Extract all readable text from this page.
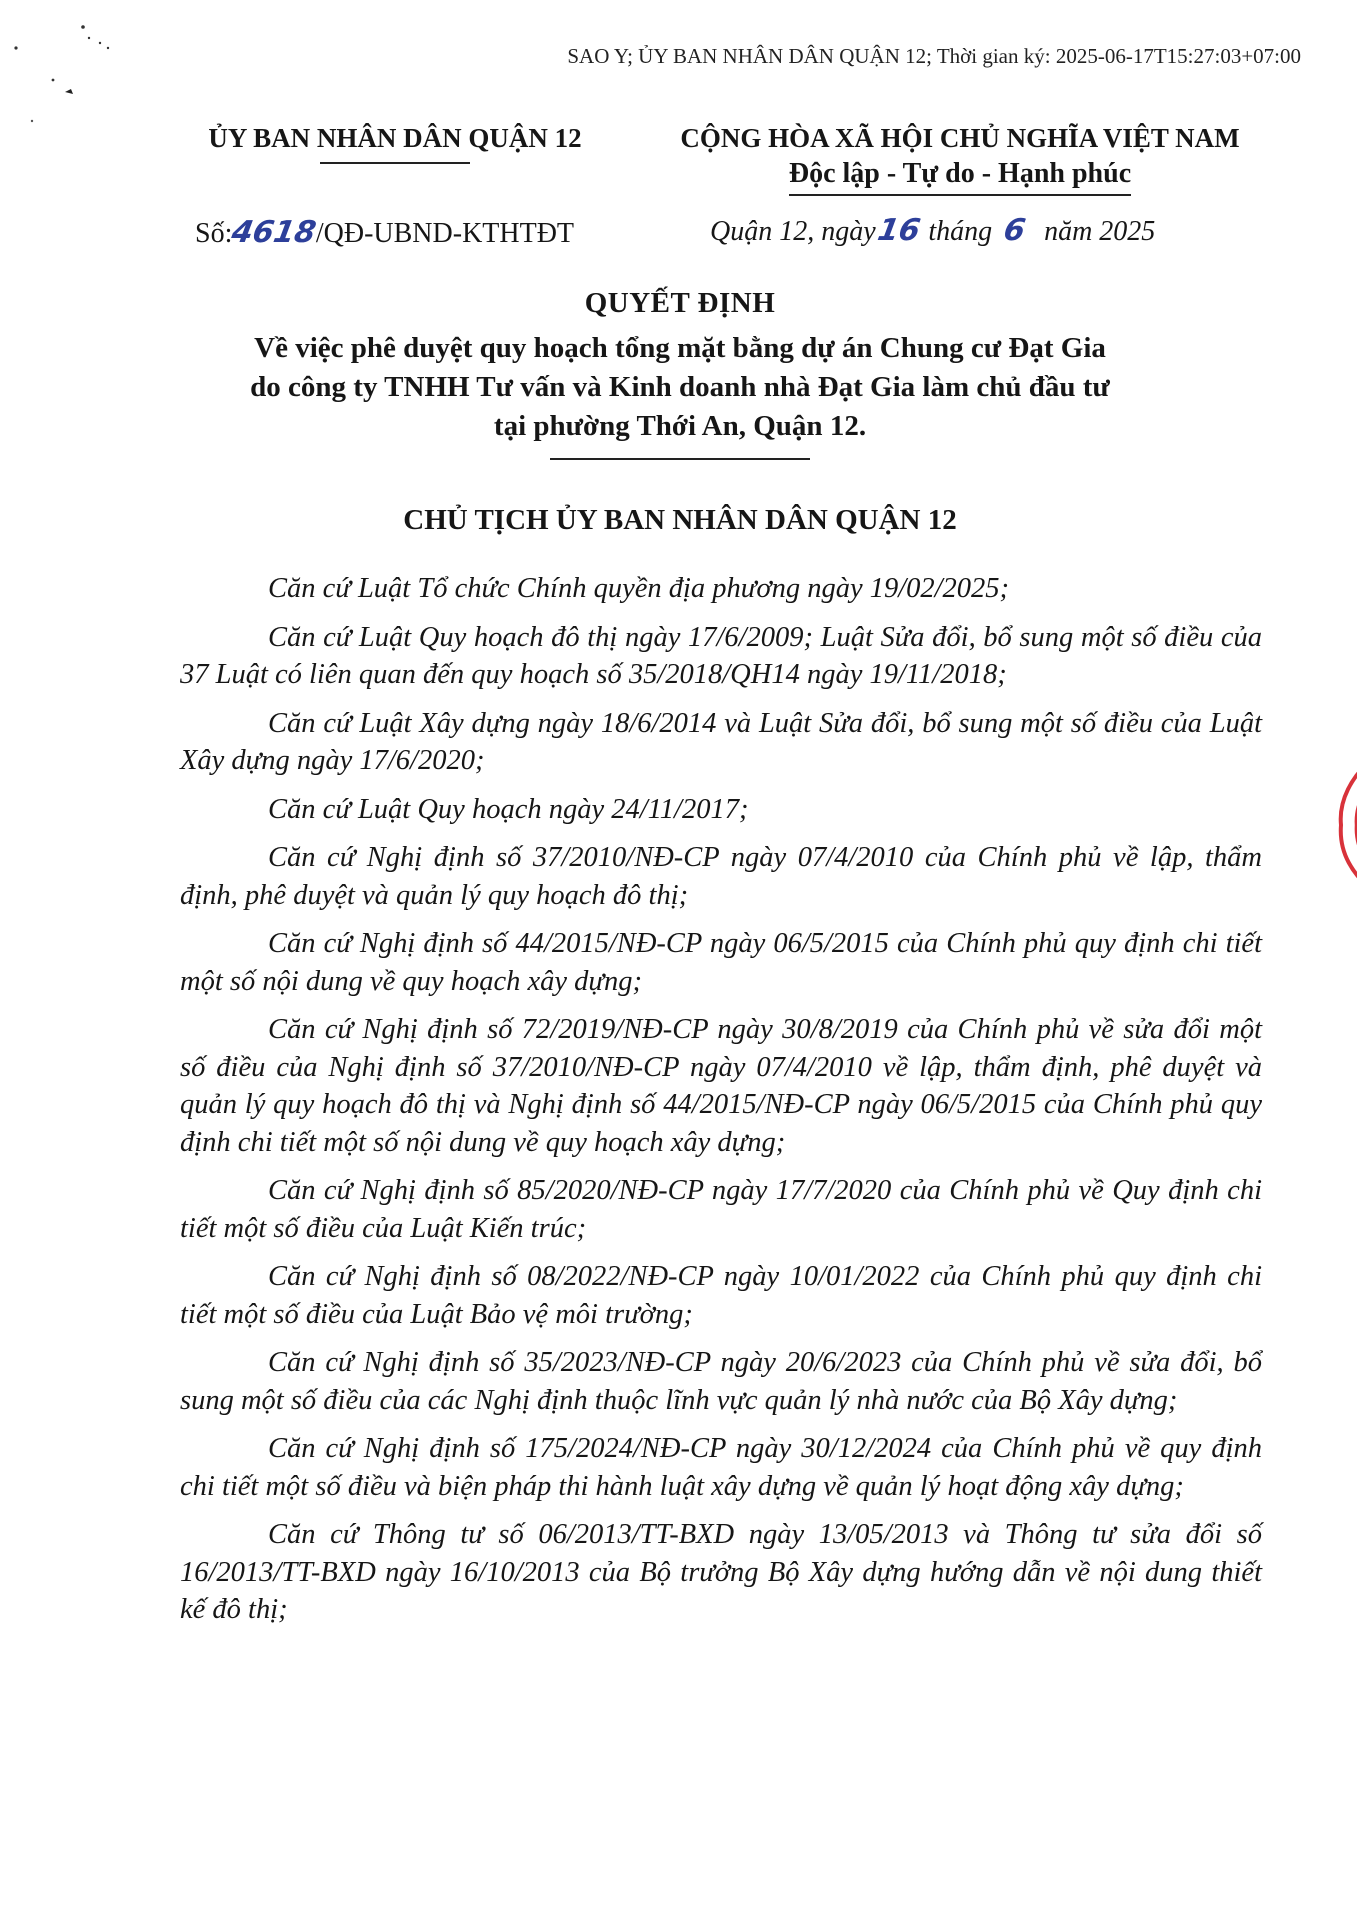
SAO Y; ỦY BAN NHÂN DÂN QUẬN 12; Thời gian ký: 2025-06-17T15:27:03+07:00
ỦY BAN NHÂN DÂN QUẬN 12	CỘNG HÒA XÃ HỘI CHỦ NGHĨA VIỆT NAM
Độc lập - Tự do - Hạnh phúc
Số:4618/QĐ-UBND-KTHTĐT	Quận 12, ngày16 tháng 6 năm 2025
QUYẾT ĐỊNH
Về việc phê duyệt quy hoạch tổng mặt bằng dự án Chung cư Đạt Gia
do công ty TNHH Tư vấn và Kinh doanh nhà Đạt Gia làm chủ đầu tư
tại phường Thới An, Quận 12.
CHỦ TỊCH ỦY BAN NHÂN DÂN QUẬN 12

Căn cứ Luật Tổ chức Chính quyền địa phương ngày 19/02/2025;

Căn cứ Luật Quy hoạch đô thị ngày 17/6/2009; Luật Sửa đổi, bổ sung một số điều của 37 Luật có liên quan đến quy hoạch số 35/2018/QH14 ngày 19/11/2018;

Căn cứ Luật Xây dựng ngày 18/6/2014 và Luật Sửa đổi, bổ sung một số điều của Luật Xây dựng ngày 17/6/2020;

Căn cứ Luật Quy hoạch ngày 24/11/2017;

Căn cứ Nghị định số 37/2010/NĐ-CP ngày 07/4/2010 của Chính phủ về lập, thẩm định, phê duyệt và quản lý quy hoạch đô thị;

Căn cứ Nghị định số 44/2015/NĐ-CP ngày 06/5/2015 của Chính phủ quy định chi tiết một số nội dung về quy hoạch xây dựng;

Căn cứ Nghị định số 72/2019/NĐ-CP ngày 30/8/2019 của Chính phủ về sửa đổi một số điều của Nghị định số 37/2010/NĐ-CP ngày 07/4/2010 về lập, thẩm định, phê duyệt và quản lý quy hoạch đô thị và Nghị định số 44/2015/NĐ-CP ngày 06/5/2015 của Chính phủ quy định chi tiết một số nội dung về quy hoạch xây dựng;

Căn cứ Nghị định số 85/2020/NĐ-CP ngày 17/7/2020 của Chính phủ về Quy định chi tiết một số điều của Luật Kiến trúc;

Căn cứ Nghị định số 08/2022/NĐ-CP ngày 10/01/2022 của Chính phủ quy định chi tiết một số điều của Luật Bảo vệ môi trường;

Căn cứ Nghị định số 35/2023/NĐ-CP ngày 20/6/2023 của Chính phủ về sửa đổi, bổ sung một số điều của các Nghị định thuộc lĩnh vực quản lý nhà nước của Bộ Xây dựng;

Căn cứ Nghị định số 175/2024/NĐ-CP ngày 30/12/2024 của Chính phủ về quy định chi tiết một số điều và biện pháp thi hành luật xây dựng về quản lý hoạt động xây dựng;

Căn cứ Thông tư số 06/2013/TT-BXD ngày 13/05/2013 và Thông tư sửa đổi số 16/2013/TT-BXD ngày 16/10/2013 của Bộ trưởng Bộ Xây dựng hướng dẫn về nội dung thiết kế đô thị;
